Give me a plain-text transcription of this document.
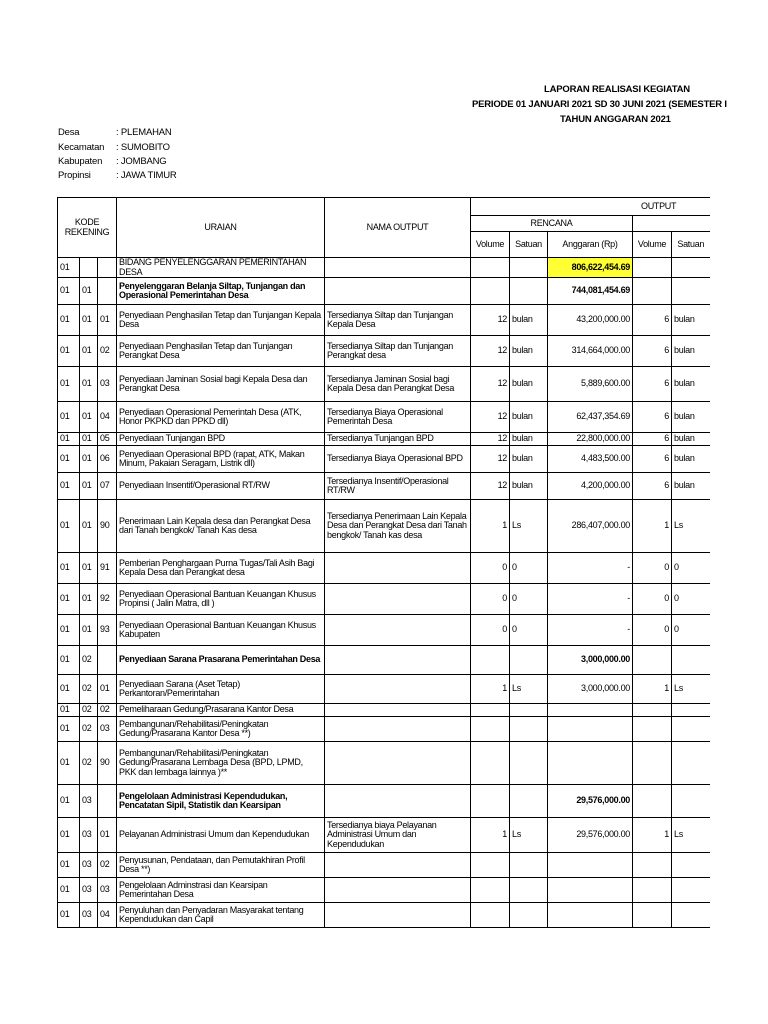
LAPORAN REALISASI KEGIATAN
PERIODE 01 JANUARI 2021 SD 30 JUNI 2021 (SEMESTER I
TAHUN ANGGARAN 2021
Desa	: PLEMAHAN
Kecamatan : SUMOBITO
Kabupaten : JOMBANG
Propinsi	: JAWA TIMUR
KODE REKENING			URAIAN	NAMA OUTPUT	OUTPUT				
					RENCANA				
					Volume	Satuan	Anggaran (Rp)	Volume	Satuan
01			BIDANG PENYELENGGARAN PEMERINTAHAN DESA				806,622,454.69		
01	01		Penyelenggaran Belanja Siltap, Tunjangan dan Operasional Pemerintahan Desa				744,081,454.69		
01	01	01	Penyediaan Penghasilan Tetap dan Tunjangan Kepala Desa	Tersedianya Siltap dan Tunjangan Kepala Desa	12	bulan	43,200,000.00	6	bulan
01	01	02	Penyediaan Penghasilan Tetap dan Tunjangan Perangkat Desa	Tersedianya Siltap dan Tunjangan Perangkat desa	12	bulan	314,664,000.00	6	bulan
01	01	03	Penyediaan Jaminan Sosial bagi Kepala Desa dan Perangkat Desa	Tersedianya Jaminan Sosial bagi Kepala Desa dan Perangkat Desa	12	bulan	5,889,600.00	6	bulan
01	01	04	Penyediaan Operasional Pemerintah Desa (ATK, Honor PKPKD dan PPKD dll)	Tersedianya Biaya Operasional Pemerintah Desa	12	bulan	62,437,354.69	6	bulan
01	01	05	Penyediaan Tunjangan BPD	Tersedianya Tunjangan BPD	12	bulan	22,800,000.00	6	bulan
01	01	06	Penyediaan Operasional BPD (rapat, ATK, Makan Minum, Pakaian Seragam, Listrik dll)	Tersedianya Biaya Operasional BPD	12	bulan	4,483,500.00	6	bulan
01	01	07	Penyediaan Insentif/Operasional RT/RW	Tersedianya Insentif/Operasional RT/RW	12	bulan	4,200,000.00	6	bulan
01	01	90	Penerimaan Lain Kepala desa dan Perangkat Desa dari Tanah bengkok/ Tanah Kas desa	Tersedianya Penerimaan Lain Kepala Desa dan Perangkat Desa dari Tanah bengkok/ Tanah kas desa	1	Ls	286,407,000.00	1	Ls
01	01	91	Pemberian Penghargaan Purna Tugas/Tali Asih Bagi Kepala Desa dan Perangkat desa		0	0	-	0	0
01	01	92	Penyediaan Operasional Bantuan Keuangan Khusus Propinsi ( Jalin Matra, dll )		0	0	-	0	0
01	01	93	Penyediaan Operasional Bantuan Keuangan Khusus Kabupaten		0	0	-	0	0
01	02		Penyediaan Sarana Prasarana Pemerintahan Desa				3,000,000.00		
01	02	01	Penyediaan Sarana (Aset Tetap) Perkantoran/Pemerintahan		1	Ls	3,000,000.00	1	Ls
01	02	02	Pemeliharaan Gedung/Prasarana Kantor Desa						
01	02	03	Pembangunan/Rehabilitasi/Peningkatan Gedung/Prasarana Kantor Desa **)						
01	02	90	Pembangunan/Rehabilitasi/Peningkatan Gedung/Prasarana Lembaga Desa (BPD, LPMD, PKK dan lembaga lainnya )**						
01	03		Pengelolaan Administrasi Kependudukan, Pencatatan Sipil, Statistik dan Kearsipan				29,576,000.00		
01	03	01	Pelayanan Administrasi Umum dan Kependudukan	Tersedianya biaya Pelayanan Administrasi Umum dan Kependudukan	1	Ls	29,576,000.00	1	Ls
01	03	02	Penyusunan, Pendataan, dan Pemutakhiran Profil Desa **)						
01	03	03	Pengelolaan Adminstrasi dan Kearsipan Pemerintahan Desa						
01	03	04	Penyuluhan dan Penyadaran Masyarakat tentang Kependudukan dan Capil						
